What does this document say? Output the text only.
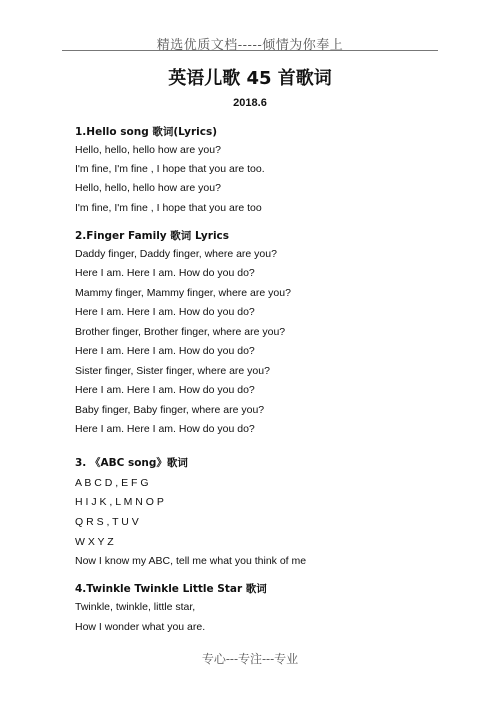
精选优质文档-----倾情为你奉上
英语儿歌 45 首歌词
2018.6
1.Hello song 歌词(Lyrics)
Hello, hello, hello how are you?
I'm fine, I'm fine , I hope that you are too.
Hello, hello, hello how are you?
I'm fine, I'm fine , I hope that you are too
2.Finger Family 歌词 Lyrics
Daddy finger, Daddy finger, where are you?
Here I am. Here I am. How do you do?
Mammy finger, Mammy finger, where are you?
Here I am. Here I am. How do you do?
Brother finger, Brother finger, where are you?
Here I am. Here I am. How do you do?
Sister finger, Sister finger, where are you?
Here I am. Here I am. How do you do?
Baby finger, Baby finger, where are you?
Here I am. Here I am. How do you do?
3. 《ABC song》歌词
A B C D , E F G
H I J K , L M N O P
Q R S , T U V
W X Y Z
Now I know my ABC, tell me what you think of me
4.Twinkle Twinkle Little Star 歌词
Twinkle, twinkle, little star,
How I wonder what you are.
专心---专注---专业
